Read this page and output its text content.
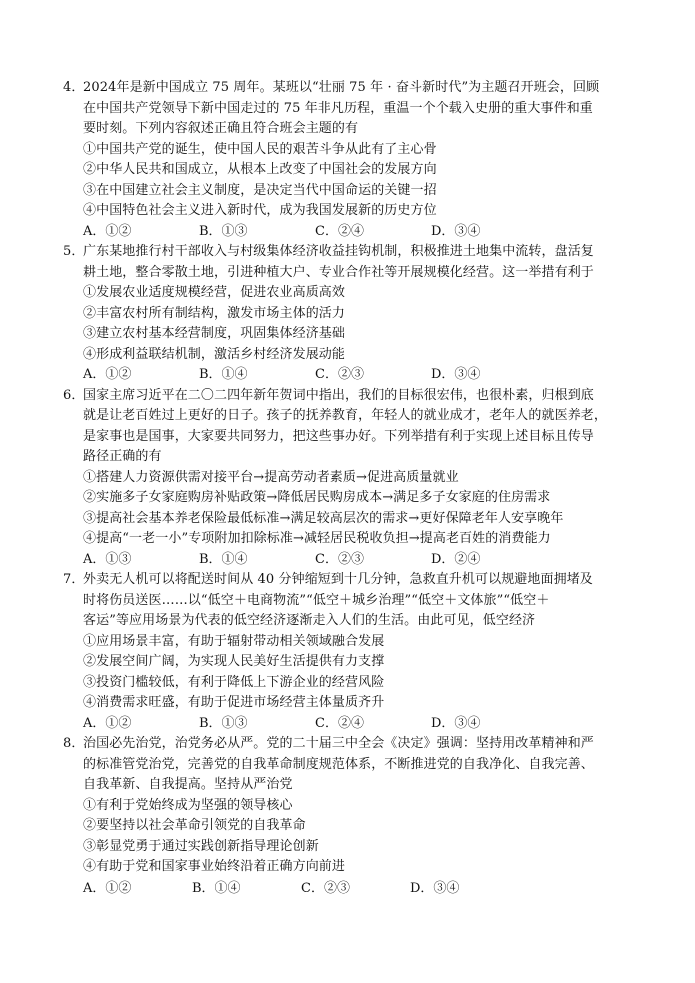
4．
2024年是新中国成立 75 周年。某班以“壮丽 75 年 · 奋斗新时代”为主题召开班会，回顾
在中国共产党领导下新中国走过的 75 年非凡历程，重温一个个载入史册的重大事件和重
要时刻。下列内容叙述正确且符合班会主题的有
①中国共产党的诞生，使中国人民的艰苦斗争从此有了主心骨
②中华人民共和国成立，从根本上改变了中国社会的发展方向
③在中国建立社会主义制度，是决定当代中国命运的关键一招
④中国特色社会主义进入新时代，成为我国发展新的历史方位
A．①②	B．①③	C．②④	D．③④
5．
广东某地推行村干部收入与村级集体经济收益挂钩机制，积极推进土地集中流转，盘活复
耕土地，整合零散土地，引进种植大户、专业合作社等开展规模化经营。这一举措有利于
①发展农业适度规模经营，促进农业高质高效
②丰富农村所有制结构，激发市场主体的活力
③建立农村基本经营制度，巩固集体经济基础
④形成利益联结机制，激活乡村经济发展动能
A．①②	B．①④	C．②③	D．③④
6．
国家主席习近平在二〇二四年新年贺词中指出，我们的目标很宏伟，也很朴素，归根到底
就是让老百姓过上更好的日子。孩子的抚养教育，年轻人的就业成才，老年人的就医养老，
是家事也是国事，大家要共同努力，把这些事办好。下列举措有利于实现上述目标且传导
路径正确的有
①搭建人力资源供需对接平台→提高劳动者素质→促进高质量就业
②实施多子女家庭购房补贴政策→降低居民购房成本→满足多子女家庭的住房需求
③提高社会基本养老保险最低标准→满足较高层次的需求→更好保障老年人安享晚年
④提高“一老一小”专项附加扣除标准→减轻居民税收负担→提高老百姓的消费能力
A．①③	B．①④	C．②③	D．②④
7．
外卖无人机可以将配送时间从 40 分钟缩短到十几分钟，急救直升机可以规避地面拥堵及
时将伤员送医……以“低空＋电商物流”“低空＋城乡治理”“低空＋文体旅”“低空＋
客运”等应用场景为代表的低空经济逐渐走入人们的生活。由此可见，低空经济
①应用场景丰富，有助于辐射带动相关领域融合发展
②发展空间广阔，为实现人民美好生活提供有力支撑
③投资门槛较低，有利于降低上下游企业的经营风险
④消费需求旺盛，有助于促进市场经营主体量质齐升
A．①②	B．①③	C．②④	D．③④
8．
治国必先治党，治党务必从严。党的二十届三中全会《决定》强调：坚持用改革精神和严
的标准管党治党，完善党的自我革命制度规范体系，不断推进党的自我净化、自我完善、
自我革新、自我提高。坚持从严治党
①有利于党始终成为坚强的领导核心
②要坚持以社会革命引领党的自我革命
③彰显党勇于通过实践创新指导理论创新
④有助于党和国家事业始终沿着正确方向前进
A．①②	B．①④	C．②③	D．③④
